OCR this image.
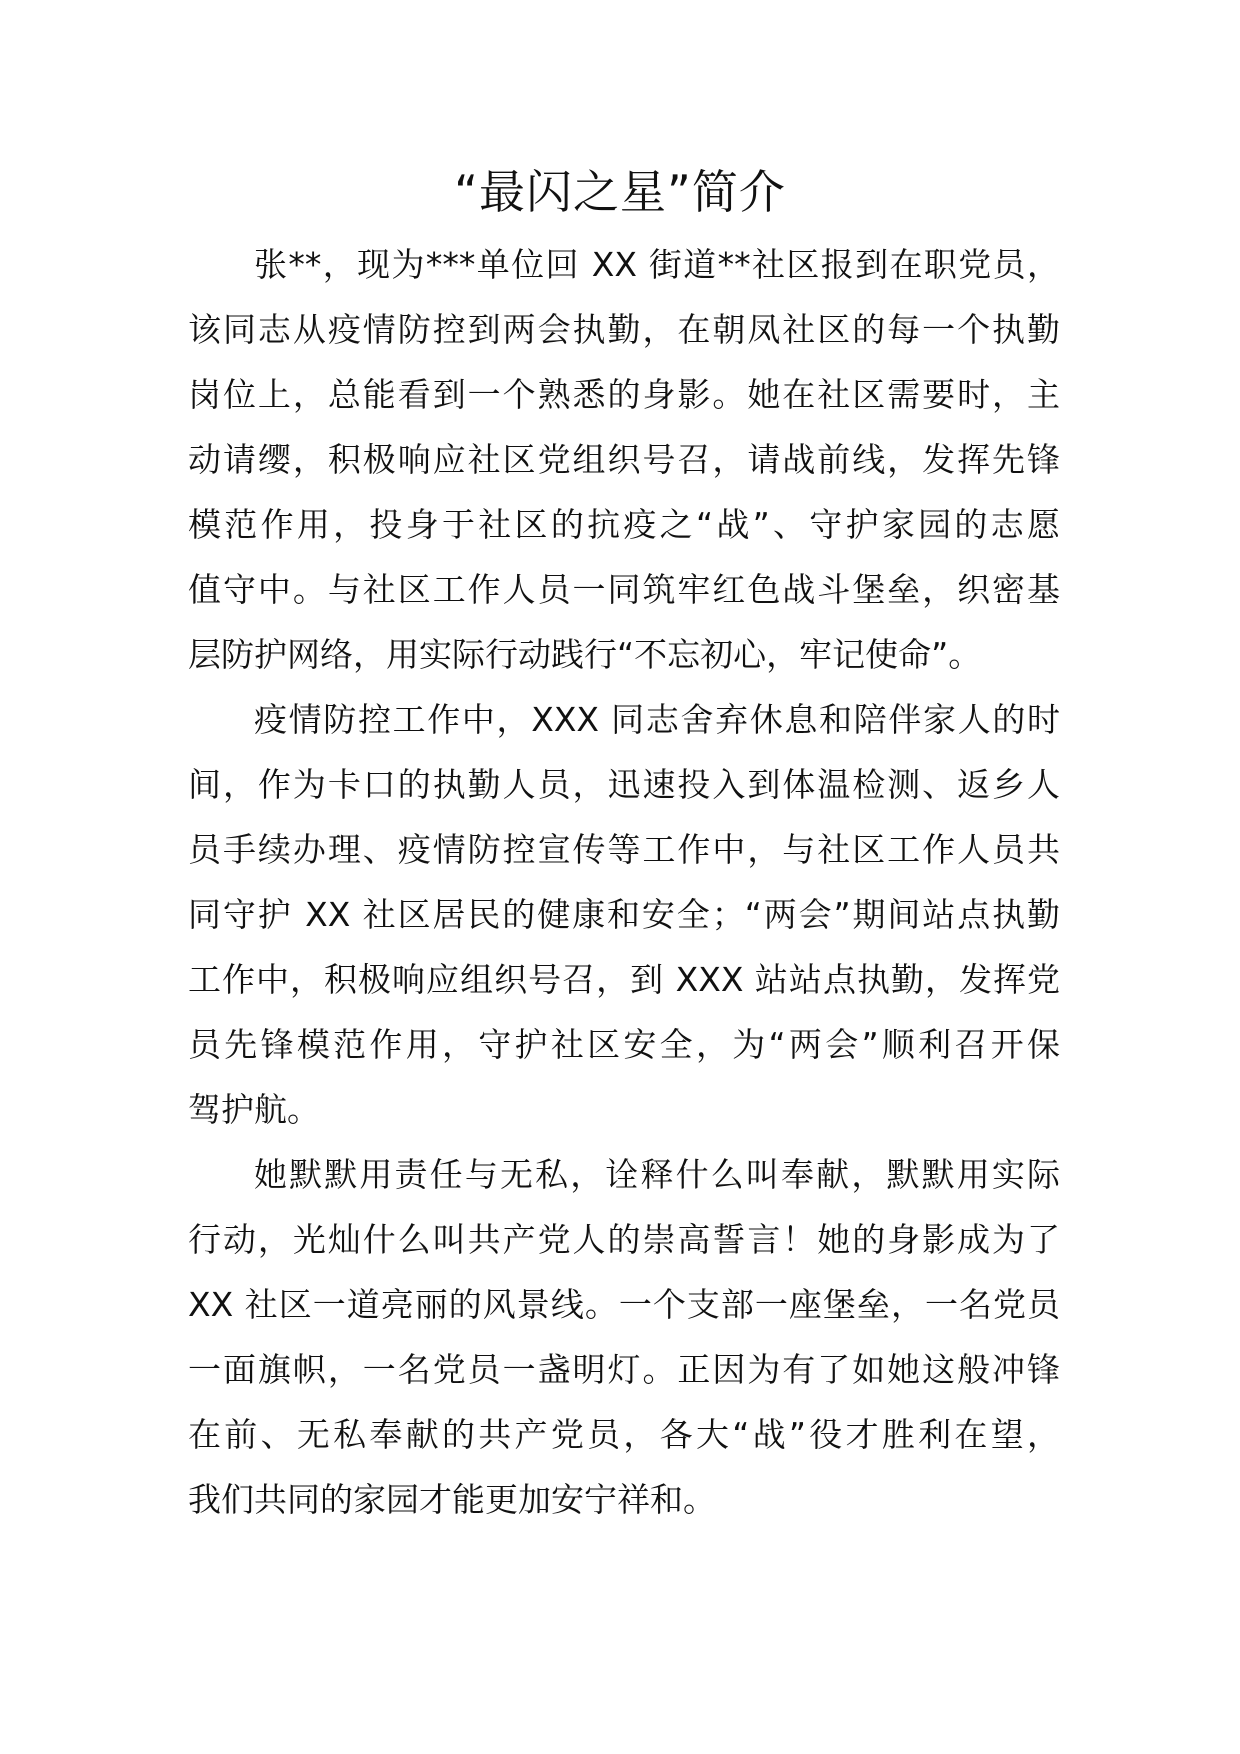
“最闪之星”简介

张**，现为***单位回 XX 街道**社区报到在职党员，
该同志从疫情防控到两会执勤，在朝凤社区的每一个执勤
岗位上，总能看到一个熟悉的身影。她在社区需要时，主
动请缨，积极响应社区党组织号召，请战前线，发挥先锋
模范作用，投身于社区的抗疫之“战”、守护家园的志愿
值守中。与社区工作人员一同筑牢红色战斗堡垒，织密基
层防护网络，用实际行动践行“不忘初心，牢记使命”。

疫情防控工作中，XXX 同志舍弃休息和陪伴家人的时
间，作为卡口的执勤人员，迅速投入到体温检测、返乡人
员手续办理、疫情防控宣传等工作中，与社区工作人员共
同守护 XX 社区居民的健康和安全；“两会”期间站点执勤
工作中，积极响应组织号召，到 XXX 站站点执勤，发挥党
员先锋模范作用，守护社区安全，为“两会”顺利召开保
驾护航。

她默默用责任与无私，诠释什么叫奉献，默默用实际
行动，光灿什么叫共产党人的崇高誓言！她的身影成为了
XX 社区一道亮丽的风景线。一个支部一座堡垒，一名党员
一面旗帜，一名党员一盏明灯。正因为有了如她这般冲锋
在前、无私奉献的共产党员，各大“战”役才胜利在望，
我们共同的家园才能更加安宁祥和。
